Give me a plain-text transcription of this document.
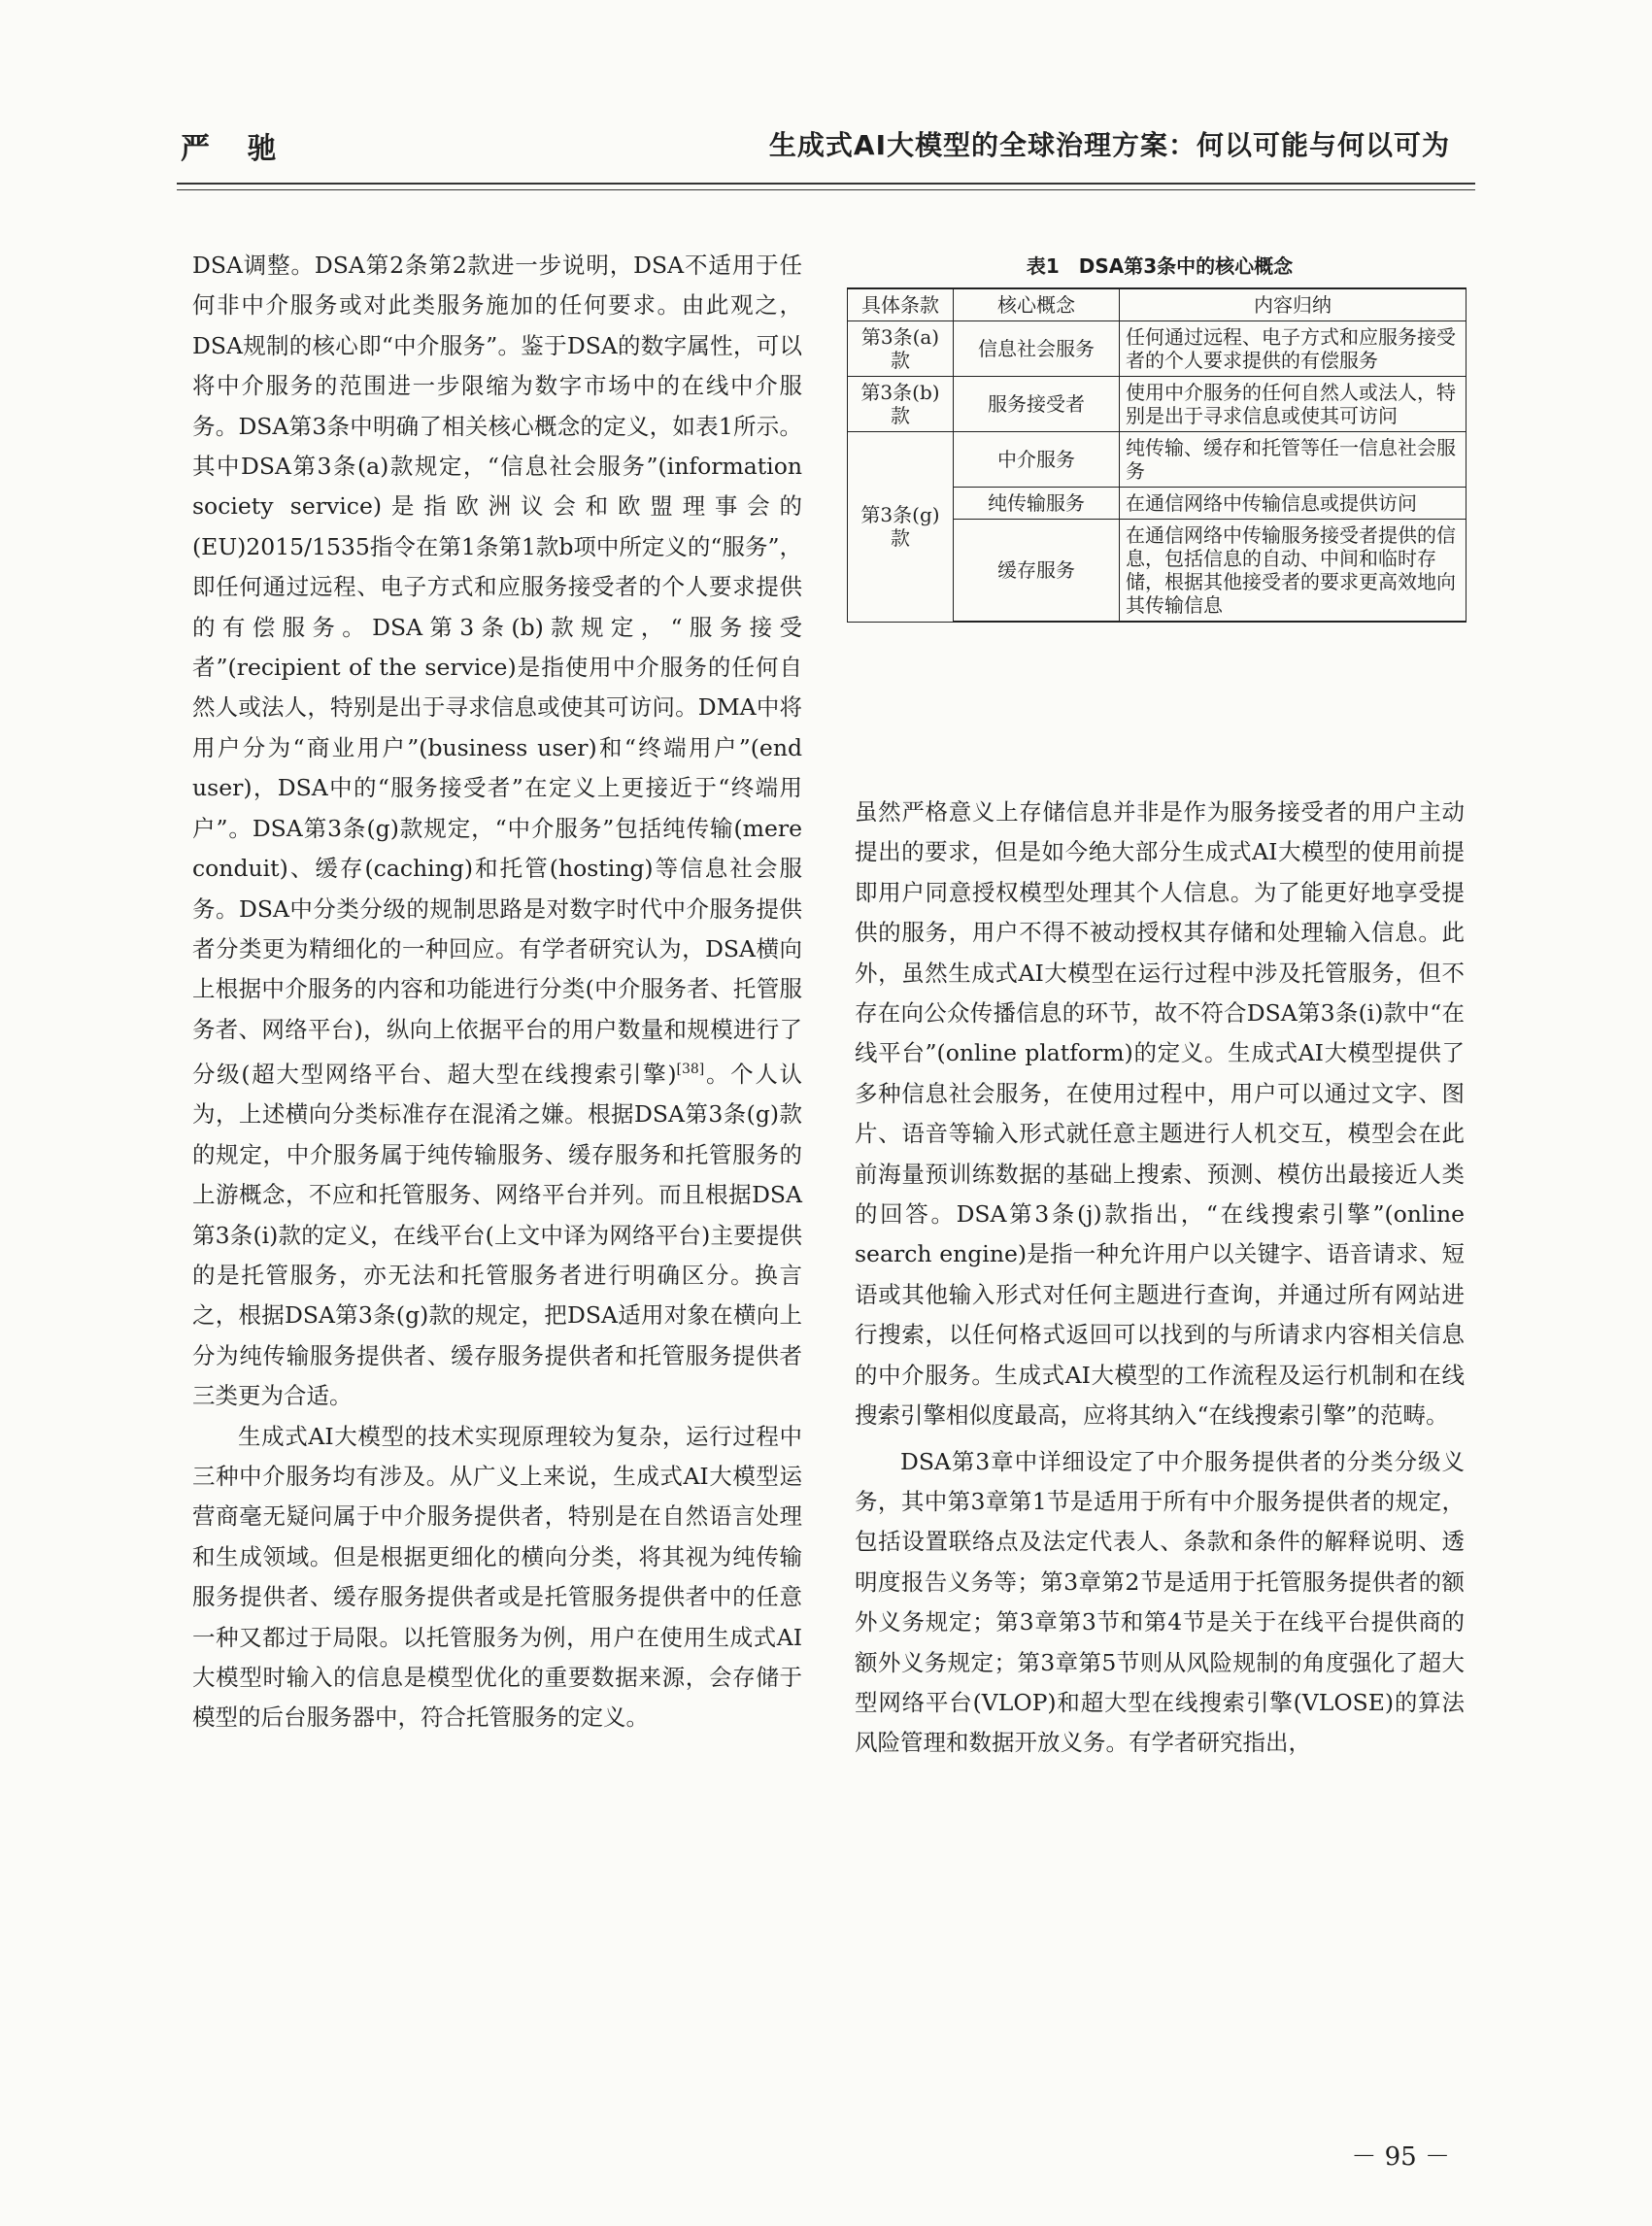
严 驰	生成式AI大模型的全球治理方案：何以可能与何以可为

DSA调整。DSA第2条第2款进一步说明，DSA不适用于任何非中介服务或对此类服务施加的任何要求。由此观之，DSA规制的核心即“中介服务”。鉴于DSA的数字属性，可以将中介服务的范围进一步限缩为数字市场中的在线中介服务。DSA第3条中明确了相关核心概念的定义，如表1所示。其中DSA第3条(a)款规定，“信息社会服务”(information society service)是指欧洲议会和欧盟理事会的(EU)2015/1535指令在第1条第1款b项中所定义的“服务”，即任何通过远程、电子方式和应服务接受者的个人要求提供的有偿服务。DSA第3条(b)款规定，“服务接受者”(recipient of the service)是指使用中介服务的任何自然人或法人，特别是出于寻求信息或使其可访问。DMA中将用户分为“商业用户”(business user)和“终端用户”(end user)，DSA中的“服务接受者”在定义上更接近于“终端用户”。DSA第3条(g)款规定，“中介服务”包括纯传输(mere conduit)、缓存(caching)和托管(hosting)等信息社会服务。DSA中分类分级的规制思路是对数字时代中介服务提供者分类更为精细化的一种回应。有学者研究认为，DSA横向上根据中介服务的内容和功能进行分类(中介服务者、托管服务者、网络平台)，纵向上依据平台的用户数量和规模进行了分级(超大型网络平台、超大型在线搜索引擎)[38]。个人认为，上述横向分类标准存在混淆之嫌。根据DSA第3条(g)款的规定，中介服务属于纯传输服务、缓存服务和托管服务的上游概念，不应和托管服务、网络平台并列。而且根据DSA第3条(i)款的定义，在线平台(上文中译为网络平台)主要提供的是托管服务，亦无法和托管服务者进行明确区分。换言之，根据DSA第3条(g)款的规定，把DSA适用对象在横向上分为纯传输服务提供者、缓存服务提供者和托管服务提供者三类更为合适。

生成式AI大模型的技术实现原理较为复杂，运行过程中三种中介服务均有涉及。从广义上来说，生成式AI大模型运营商毫无疑问属于中介服务提供者，特别是在自然语言处理和生成领域。但是根据更细化的横向分类，将其视为纯传输服务提供者、缓存服务提供者或是托管服务提供者中的任意一种又都过于局限。以托管服务为例，用户在使用生成式AI大模型时输入的信息是模型优化的重要数据来源，会存储于模型的后台服务器中，符合托管服务的定义。

表1　DSA第3条中的核心概念
具体条款	核心概念	内容归纳
第3条(a)款	信息社会服务	任何通过远程、电子方式和应服务接受者的个人要求提供的有偿服务
第3条(b)款	服务接受者	使用中介服务的任何自然人或法人，特别是出于寻求信息或使其可访问
第3条(g)款	中介服务	纯传输、缓存和托管等任一信息社会服务
	纯传输服务	在通信网络中传输信息或提供访问
	缓存服务	在通信网络中传输服务接受者提供的信息，包括信息的自动、中间和临时存储，根据其他接受者的要求更高效地向其传输信息

虽然严格意义上存储信息并非是作为服务接受者的用户主动提出的要求，但是如今绝大部分生成式AI大模型的使用前提即用户同意授权模型处理其个人信息。为了能更好地享受提供的服务，用户不得不被动授权其存储和处理输入信息。此外，虽然生成式AI大模型在运行过程中涉及托管服务，但不存在向公众传播信息的环节，故不符合DSA第3条(i)款中“在线平台”(online platform)的定义。生成式AI大模型提供了多种信息社会服务，在使用过程中，用户可以通过文字、图片、语音等输入形式就任意主题进行人机交互，模型会在此前海量预训练数据的基础上搜索、预测、模仿出最接近人类的回答。DSA第3条(j)款指出，“在线搜索引擎”(online search engine)是指一种允许用户以关键字、语音请求、短语或其他输入形式对任何主题进行查询，并通过所有网站进行搜索，以任何格式返回可以找到的与所请求内容相关信息的中介服务。生成式AI大模型的工作流程及运行机制和在线搜索引擎相似度最高，应将其纳入“在线搜索引擎”的范畴。

DSA第3章中详细设定了中介服务提供者的分类分级义务，其中第3章第1节是适用于所有中介服务提供者的规定，包括设置联络点及法定代表人、条款和条件的解释说明、透明度报告义务等；第3章第2节是适用于托管服务提供者的额外义务规定；第3章第3节和第4节是关于在线平台提供商的额外义务规定；第3章第5节则从风险规制的角度强化了超大型网络平台(VLOP)和超大型在线搜索引擎(VLOSE)的算法风险管理和数据开放义务。有学者研究指出，

－ 95 －
